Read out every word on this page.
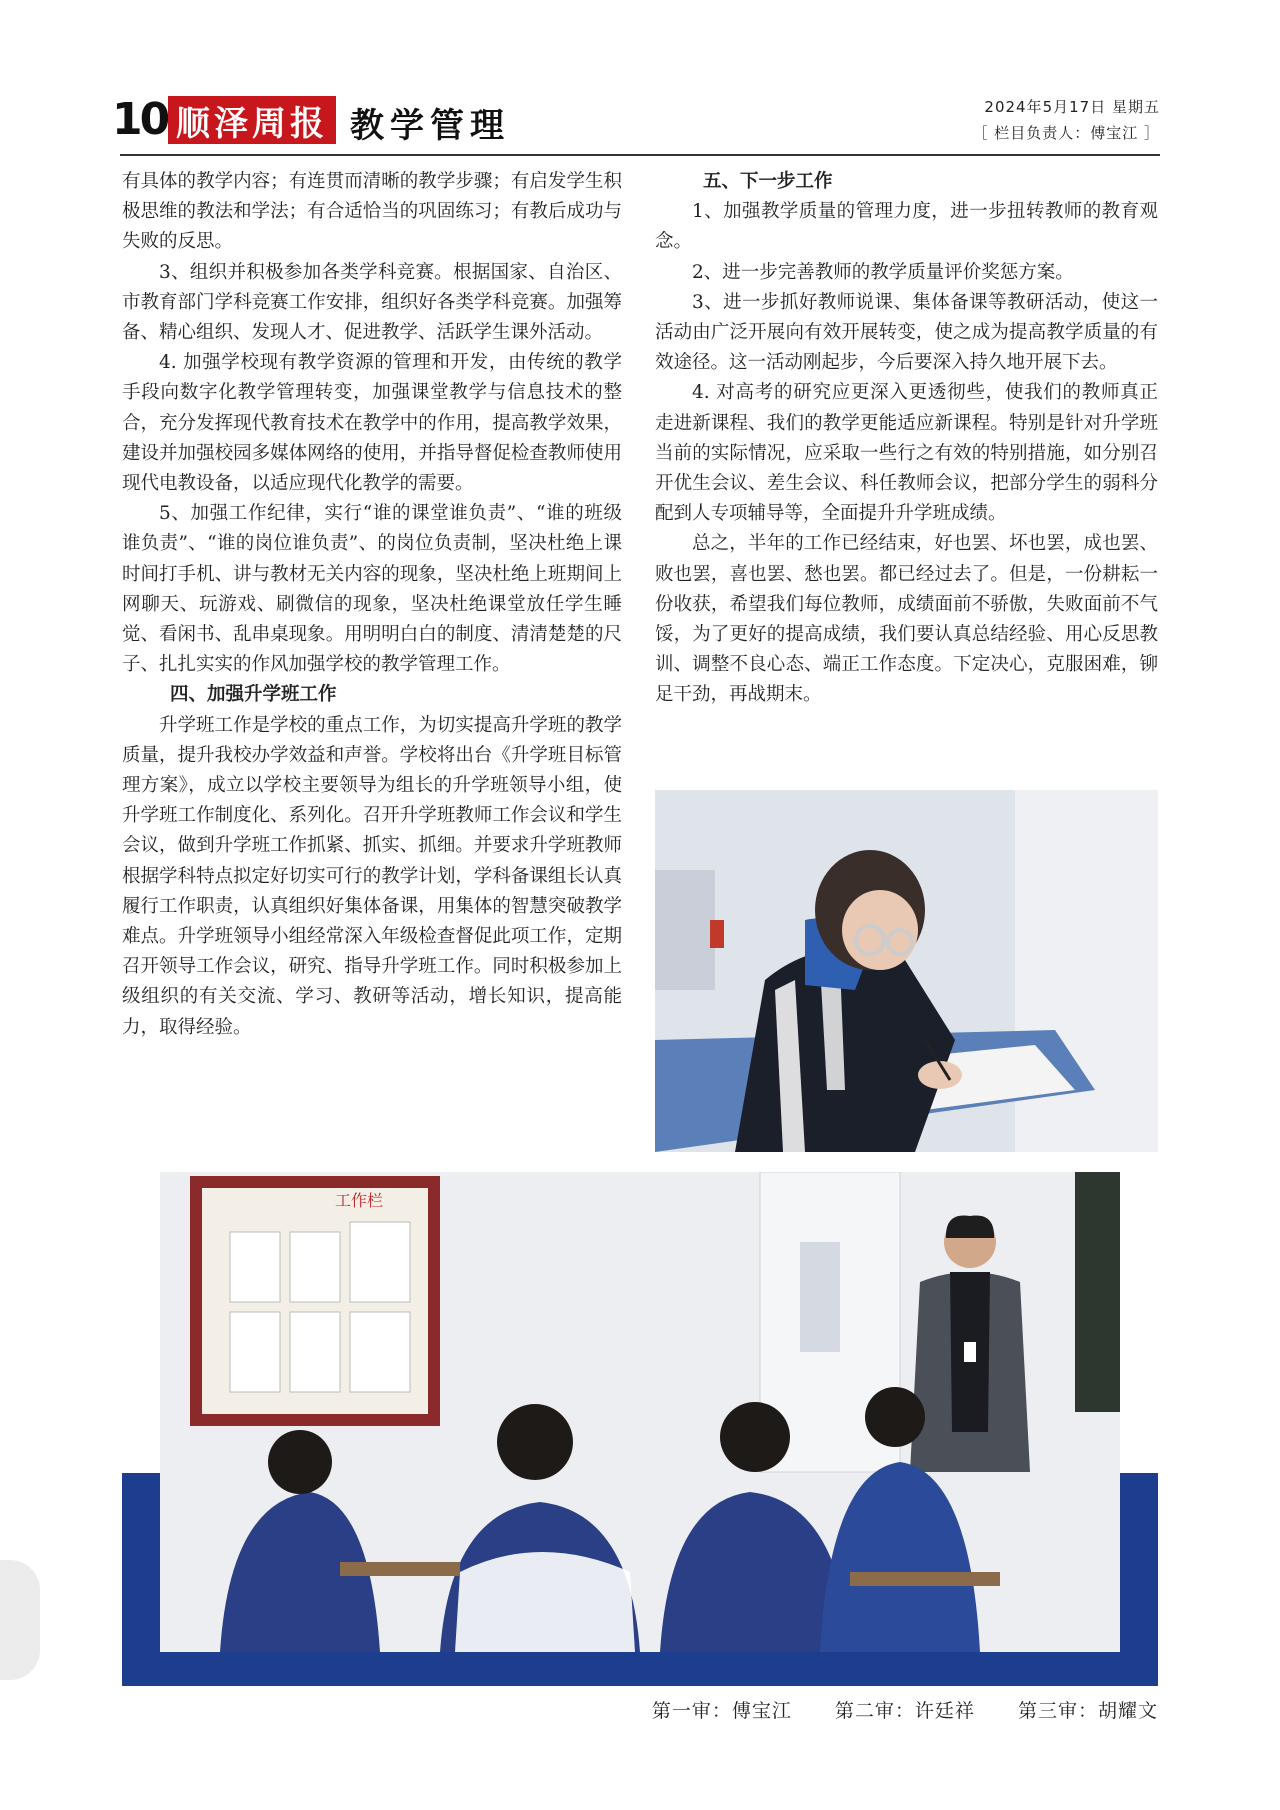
10 顺泽周报 教学管理	2024年5月17日 星期五
［ 栏目负责人：傅宝江 ］

有具体的教学内容；有连贯而清晰的教学步骤；有启发学生积极思维的教法和学法；有合适恰当的巩固练习；有教后成功与失败的反思。

3、组织并积极参加各类学科竞赛。根据国家、自治区、市教育部门学科竞赛工作安排，组织好各类学科竞赛。加强筹备、精心组织、发现人才、促进教学、活跃学生课外活动。

4. 加强学校现有教学资源的管理和开发，由传统的教学手段向数字化教学管理转变，加强课堂教学与信息技术的整合，充分发挥现代教育技术在教学中的作用，提高教学效果，建设并加强校园多媒体网络的使用，并指导督促检查教师使用现代电教设备，以适应现代化教学的需要。

5、加强工作纪律，实行“谁的课堂谁负责”、“谁的班级谁负责”、“谁的岗位谁负责”、的岗位负责制，坚决杜绝上课时间打手机、讲与教材无关内容的现象，坚决杜绝上班期间上网聊天、玩游戏、刷微信的现象，坚决杜绝课堂放任学生睡觉、看闲书、乱串桌现象。用明明白白的制度、清清楚楚的尺子、扎扎实实的作风加强学校的教学管理工作。

四、加强升学班工作

升学班工作是学校的重点工作，为切实提高升学班的教学质量，提升我校办学效益和声誉。学校将出台《升学班目标管理方案》，成立以学校主要领导为组长的升学班领导小组，使升学班工作制度化、系列化。召开升学班教师工作会议和学生会议，做到升学班工作抓紧、抓实、抓细。并要求升学班教师根据学科特点拟定好切实可行的教学计划，学科备课组长认真履行工作职责，认真组织好集体备课，用集体的智慧突破教学难点。升学班领导小组经常深入年级检查督促此项工作，定期召开领导工作会议，研究、指导升学班工作。同时积极参加上级组织的有关交流、学习、教研等活动，增长知识，提高能力，取得经验。

五、下一步工作

1、加强教学质量的管理力度，进一步扭转教师的教育观念。

2、进一步完善教师的教学质量评价奖惩方案。

3、进一步抓好教师说课、集体备课等教研活动，使这一活动由广泛开展向有效开展转变，使之成为提高教学质量的有效途径。这一活动刚起步，今后要深入持久地开展下去。

4. 对高考的研究应更深入更透彻些，使我们的教师真正走进新课程、我们的教学更能适应新课程。特别是针对升学班当前的实际情况，应采取一些行之有效的特别措施，如分别召开优生会议、差生会议、科任教师会议，把部分学生的弱科分配到人专项辅导等，全面提升升学班成绩。

总之，半年的工作已经结束，好也罢、坏也罢，成也罢、败也罢，喜也罢、愁也罢。都已经过去了。但是，一份耕耘一份收获，希望我们每位教师，成绩面前不骄傲，失败面前不气馁，为了更好的提高成绩，我们要认真总结经验、用心反思教训、调整不良心态、端正工作态度。下定决心，克服困难，铆足干劲，再战期末。

工作栏
第一审：傅宝江 第二审：许廷祥 第三审：胡耀文
